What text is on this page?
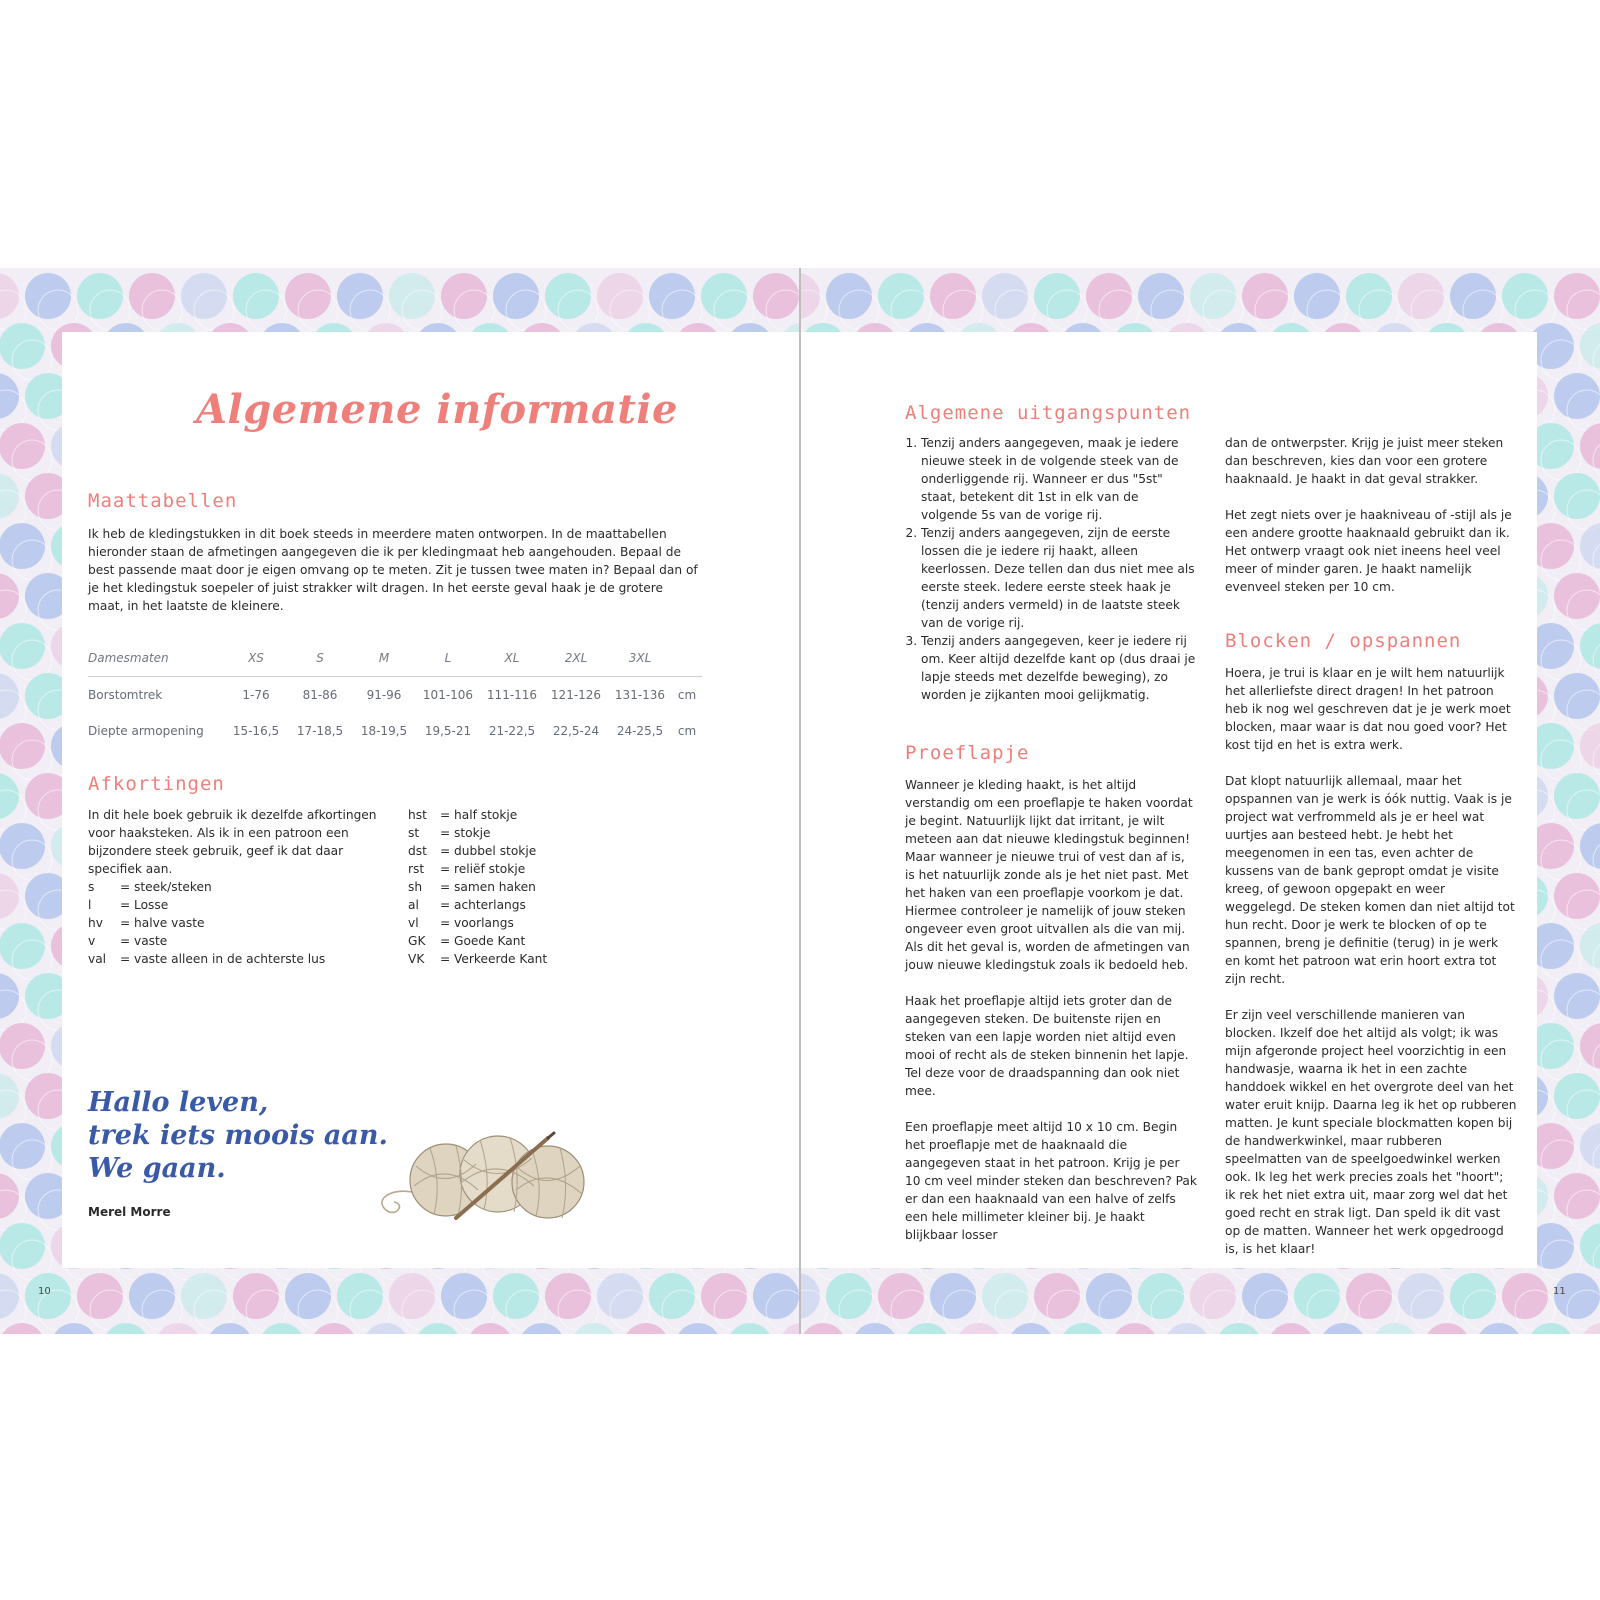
Algemene informatie
Maattabellen

Ik heb de kledingstukken in dit boek steeds in meerdere maten ontworpen. In de maattabellen hieronder staan de afmetingen aangegeven die ik per kledingmaat heb aangehouden. Bepaal de best passende maat door je eigen omvang op te meten. Zit je tussen twee maten in? Bepaal dan of je het kledingstuk soepeler of juist strakker wilt dragen. In het eerste geval haak je de grotere maat, in het laatste de kleinere.

Damesmaten	XS	S	M	L	XL	2XL	3XL	
Borstomtrek	1-76	81-86	91-96	101-106	111-116	121-126	131-136	cm
Diepte armopening	15-16,5	17-18,5	18-19,5	19,5-21	21-22,5	22,5-24	24-25,5	cm
Afkortingen

In dit hele boek gebruik ik dezelfde afkortingen voor haaksteken. Als ik in een patroon een bijzondere steek gebruik, geef ik dat daar specifiek aan.

s	= steek/steken
l	= Losse
hv	= halve vaste
v	= vaste
val	= vaste alleen in de achterste lus
hst	= half stokje
st	= stokje
dst	= dubbel stokje
rst	= reliëf stokje
sh	= samen haken
al	= achterlangs
vl	= voorlangs
GK	= Goede Kant
VK	= Verkeerde Kant
Hallo leven,
trek iets moois aan.
We gaan.
Merel Morre
10
Algemene uitgangspunten
1. Tenzij anders aangegeven, maak je iedere nieuwe steek in de volgende steek van de onderliggende rij. Wanneer er dus "5st" staat, betekent dit 1st in elk van de volgende 5s van de vorige rij.
2. Tenzij anders aangegeven, zijn de eerste lossen die je iedere rij haakt, alleen keerlossen. Deze tellen dan dus niet mee als eerste steek. Iedere eerste steek haak je (tenzij anders vermeld) in de laatste steek van de vorige rij.
3. Tenzij anders aangegeven, keer je iedere rij om. Keer altijd dezelfde kant op (dus draai je lapje steeds met dezelfde beweging), zo worden je zijkanten mooi gelijkmatig.
Proeflapje

Wanneer je kleding haakt, is het altijd verstandig om een proeflapje te haken voordat je begint. Natuurlijk lijkt dat irritant, je wilt meteen aan dat nieuwe kledingstuk beginnen! Maar wanneer je nieuwe trui of vest dan af is, is het natuurlijk zonde als je het niet past. Met het haken van een proeflapje voorkom je dat. Hiermee controleer je namelijk of jouw steken ongeveer even groot uitvallen als die van mij. Als dit het geval is, worden de afmetingen van jouw nieuwe kledingstuk zoals ik bedoeld heb.

Haak het proeflapje altijd iets groter dan de aangegeven steken. De buitenste rijen en steken van een lapje worden niet altijd even mooi of recht als de steken binnenin het lapje. Tel deze voor de draadspanning dan ook niet mee.

Een proeflapje meet altijd 10 x 10 cm. Begin het proeflapje met de haaknaald die aangegeven staat in het patroon. Krijg je per 10 cm veel minder steken dan beschreven? Pak er dan een haaknaald van een halve of zelfs een hele millimeter kleiner bij. Je haakt blijkbaar losser

dan de ontwerpster. Krijg je juist meer steken dan beschreven, kies dan voor een grotere haaknaald. Je haakt in dat geval strakker.

Het zegt niets over je haakniveau of -stijl als je een andere grootte haaknaald gebruikt dan ik. Het ontwerp vraagt ook niet ineens heel veel meer of minder garen. Je haakt namelijk evenveel steken per 10 cm.

Blocken / opspannen

Hoera, je trui is klaar en je wilt hem natuurlijk het allerliefste direct dragen! In het patroon heb ik nog wel geschreven dat je je werk moet blocken, maar waar is dat nou goed voor? Het kost tijd en het is extra werk.

Dat klopt natuurlijk allemaal, maar het opspannen van je werk is óók nuttig. Vaak is je project wat verfrommeld als je er heel wat uurtjes aan besteed hebt. Je hebt het meegenomen in een tas, even achter de kussens van de bank gepropt omdat je visite kreeg, of gewoon opgepakt en weer weggelegd. De steken komen dan niet altijd tot hun recht. Door je werk te blocken of op te spannen, breng je definitie (terug) in je werk en komt het patroon wat erin hoort extra tot zijn recht.

Er zijn veel verschillende manieren van blocken. Ikzelf doe het altijd als volgt; ik was mijn afgeronde project heel voorzichtig in een handwasje, waarna ik het in een zachte handdoek wikkel en het overgrote deel van het water eruit knijp. Daarna leg ik het op rubberen matten. Je kunt speciale blockmatten kopen bij de handwerkwinkel, maar rubberen speelmatten van de speelgoedwinkel werken ook. Ik leg het werk precies zoals het "hoort"; ik rek het niet extra uit, maar zorg wel dat het goed recht en strak ligt. Dan speld ik dit vast op de matten. Wanneer het werk opgedroogd is, is het klaar!

11
